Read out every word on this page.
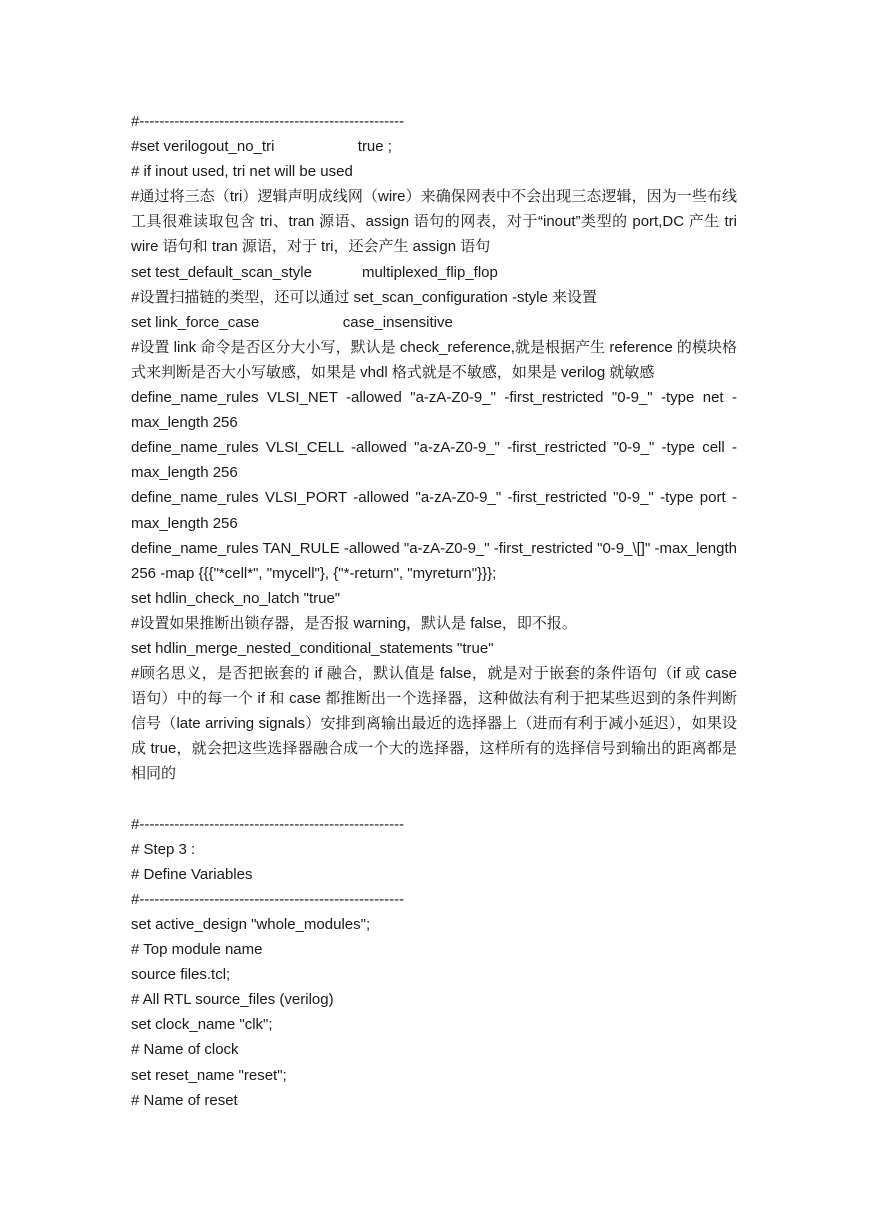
#-----------------------------------------------------
#set verilogout_no_tri                    true ;
# if inout used, tri net will be used
#通过将三态（tri）逻辑声明成线网（wire）来确保网表中不会出现三态逻辑，因为一些布线工具很难读取包含 tri、tran 源语、assign 语句的网表，对于“inout”类型的 port,DC 产生 tri wire 语句和 tran 源语，对于 tri，还会产生 assign 语句
set test_default_scan_style            multiplexed_flip_flop
#设置扫描链的类型，还可以通过 set_scan_configuration -style 来设置
set link_force_case                    case_insensitive
#设置 link 命令是否区分大小写，默认是 check_reference,就是根据产生 reference 的模块格式来判断是否大小写敏感，如果是 vhdl 格式就是不敏感，如果是 verilog 就敏感
define_name_rules VLSI_NET -allowed "a-zA-Z0-9_" -first_restricted "0-9_" -type net -max_length 256
define_name_rules VLSI_CELL -allowed "a-zA-Z0-9_" -first_restricted "0-9_" -type cell -max_length 256
define_name_rules VLSI_PORT -allowed "a-zA-Z0-9_" -first_restricted "0-9_" -type port -max_length 256
define_name_rules TAN_RULE -allowed "a-zA-Z0-9_" -first_restricted "0-9_\[]" -max_length 256 -map {{{"*cell*", "mycell"}, {"*-return", "myreturn"}}};
set hdlin_check_no_latch "true"
#设置如果推断出锁存器，是否报 warning，默认是 false，即不报。
set hdlin_merge_nested_conditional_statements "true"
#顾名思义，是否把嵌套的 if 融合，默认值是 false，就是对于嵌套的条件语句（if 或 case 语句）中的每一个 if 和 case 都推断出一个选择器，这种做法有利于把某些迟到的条件判断信号（late arriving signals）安排到离输出最近的选择器上（进而有利于减小延迟），如果设成 true，就会把这些选择器融合成一个大的选择器，这样所有的选择信号到输出的距离都是相同的
#-----------------------------------------------------
# Step 3 :
# Define Variables
#-----------------------------------------------------
set active_design "whole_modules";
# Top module name
source files.tcl;
# All RTL source_files (verilog)
set clock_name "clk";
# Name of clock
set reset_name "reset";
# Name of reset
